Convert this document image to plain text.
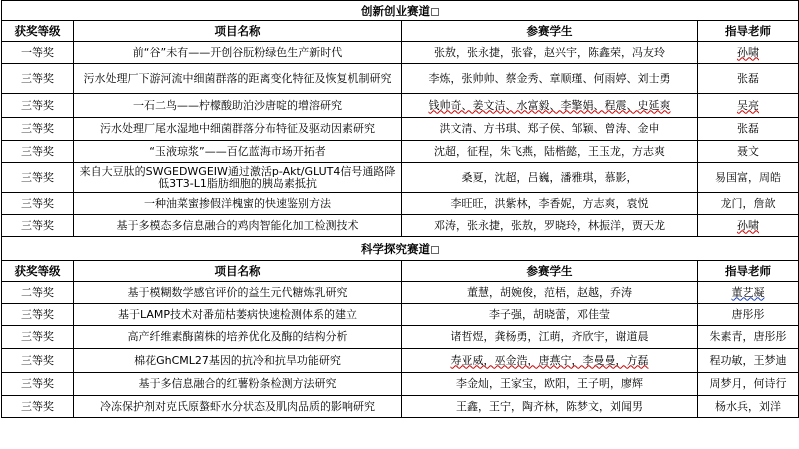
创新创业赛道			
获奖等级	项目名称	参赛学生	指导老师
一等奖	前“谷”未有——开创谷朊粉绿色生产新时代	张敖，张永捷，张睿，赵兴宇，陈鑫荣，冯友玲	孙啸
三等奖	污水处理厂下游河流中细菌群落的距离变化特征及恢复机制研究	李炼，张帅帅、蔡金秀、章顺瑾、何雨婷、刘士勇	张磊
三等奖	一石二鸟——柠檬酸助泊沙唐啶的增溶研究	钱帅奇、姜文洁、水富毅、李擎娟、程震、史延爽	吴亮
三等奖	污水处理厂尾水湿地中细菌群落分布特征及驱动因素研究	洪文清、方书琪、郑子侯、邹颖、曾涛、金申	张磊
三等奖	“玉液琼浆”——百亿蓝海市场开拓者	沈超，征程，朱飞燕，陆楷懿，王玉龙，方志爽	聂文
三等奖	来自大豆肽的SWGEDWGEIW通过激活p-Akt/GLUT4信号通路降低3T3-L1脂肪细胞的胰岛素抵抗	桑夏，沈超，吕巍，潘雅琪，慕影，	易国富，周皓
三等奖	一种油菜蜜掺假洋槐蜜的快速鉴别方法	李旺旺，洪紫林，李香妮，方志爽，袁悦	龙门，詹歆
三等奖	基于多模态多信息融合的鸡肉智能化加工检测技术	邓涛，张永捷，张敖，罗晓玲，林振洋，贾天龙	孙啸
科学探究赛道			
获奖等级	项目名称	参赛学生	指导老师
二等奖	基于模糊数学感官评价的益生元代糖炼乳研究	董慧，胡婉俊，范梧，赵越，乔涛	董艺凝
三等奖	基于LAMP技术对番茄枯萎病快速检测体系的建立	李子强，胡晓蕾，邓佳莹	唐彤彤
三等奖	高产纤维素酶菌株的培养优化及酶的结构分析	诸哲煜，龚杨勇，江萌，齐欣宇，谢道晨	朱素青，唐彤彤
三等奖	棉花GhCML27基因的抗冷和抗旱功能研究	寿亚威，巫金浩，唐燕宁，李曼曼，方磊	程功敏，王梦迪
三等奖	基于多信息融合的红薯粉条检测方法研究	李金灿，王家宝，欧阳，王子明，廖辉	周梦月，何诗行
三等奖	冷冻保护剂对克氏原螯虾水分状态及肌肉品质的影响研究	王鑫，王宁，陶齐林，陈梦文，刘闻男	杨水兵，刘洋
